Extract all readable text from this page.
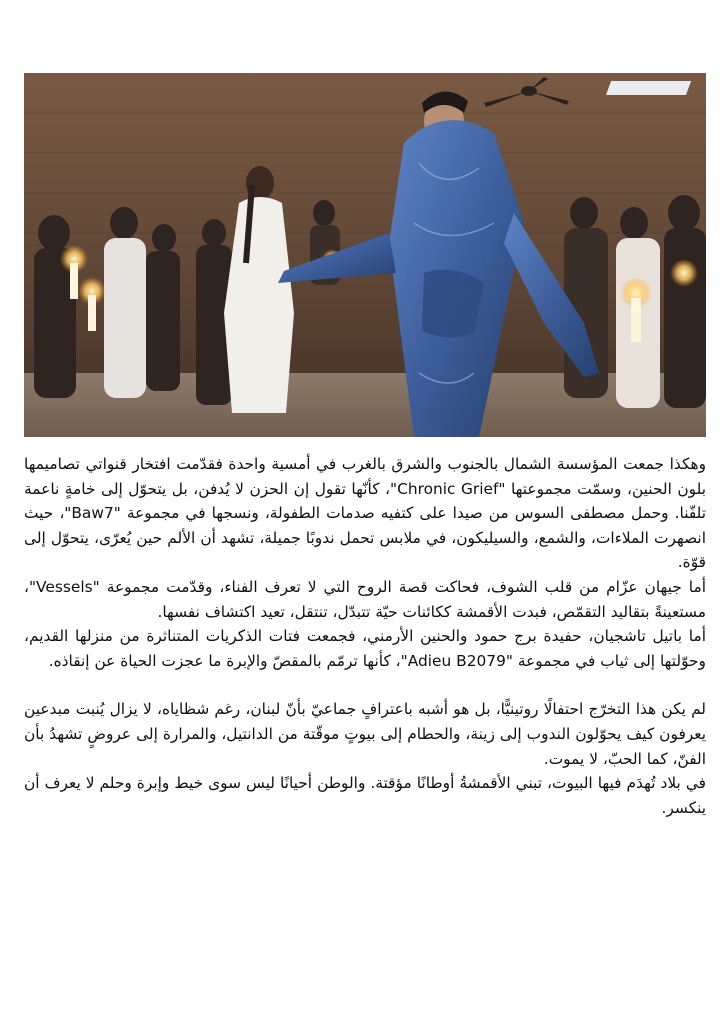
وهكذا جمعت المؤسسة الشمال بالجنوب والشرق بالغرب في أمسية واحدة فقدّمت افتخار قنواتي تصاميمها بلون الحنين، وسمّت مجموعتها "Chronic Grief"، كأنّها تقول إن الحزن لا يُدفن، بل يتحوّل إلى خامةٍ ناعمة تلفّنا. وحمل مصطفى السوس من صيدا على كتفيه صدمات الطفولة، ونسجها في مجموعة "Baw7"، حيث انصهرت الملاءات، والشمع، والسيليكون، في ملابس تحمل ندوبًا جميلة، تشهد أن الألم حين يُعرّى، يتحوّل إلى قوّة.

أما جيهان عزّام من قلب الشوف، فحاكت قصة الروح التي لا تعرف الفناء، وقدّمت مجموعة "Vessels"، مستعينةً بتقاليد التقمّص، فبدت الأقمشة ككائنات حيّة تتبدّل، تنتقل، تعيد اكتشاف نفسها.

أما باتيل تاشجيان، حفيدة برج حمود والحنين الأرمني، فجمعت فتات الذكريات المتناثرة من منزلها القديم، وحوّلتها إلى ثياب في مجموعة "Adieu B2079"، كأنها ترمّم بالمقصّ والإبرة ما عجزت الحياة عن إنقاذه.

لم يكن هذا التخرّج احتفالًا روتينيًّا، بل هو أشبه باعترافٍ جماعيّ بأنّ لبنان، رغم شظاياه، لا يزال يُنبت مبدعين يعرفون كيف يحوّلون الندوب إلى زينة، والحطام إلى بيوتٍ موقّتة من الدانتيل، والمرارة إلى عروضٍ تشهدُ بأن الفنّ، كما الحبّ، لا يموت.

في بلاد تُهدَم فيها البيوت، تبني الأقمشةُ أوطانًا مؤقتة. والوطن أحيانًا ليس سوى خيط وإبرة وحلم لا يعرف أن ينكسر.
